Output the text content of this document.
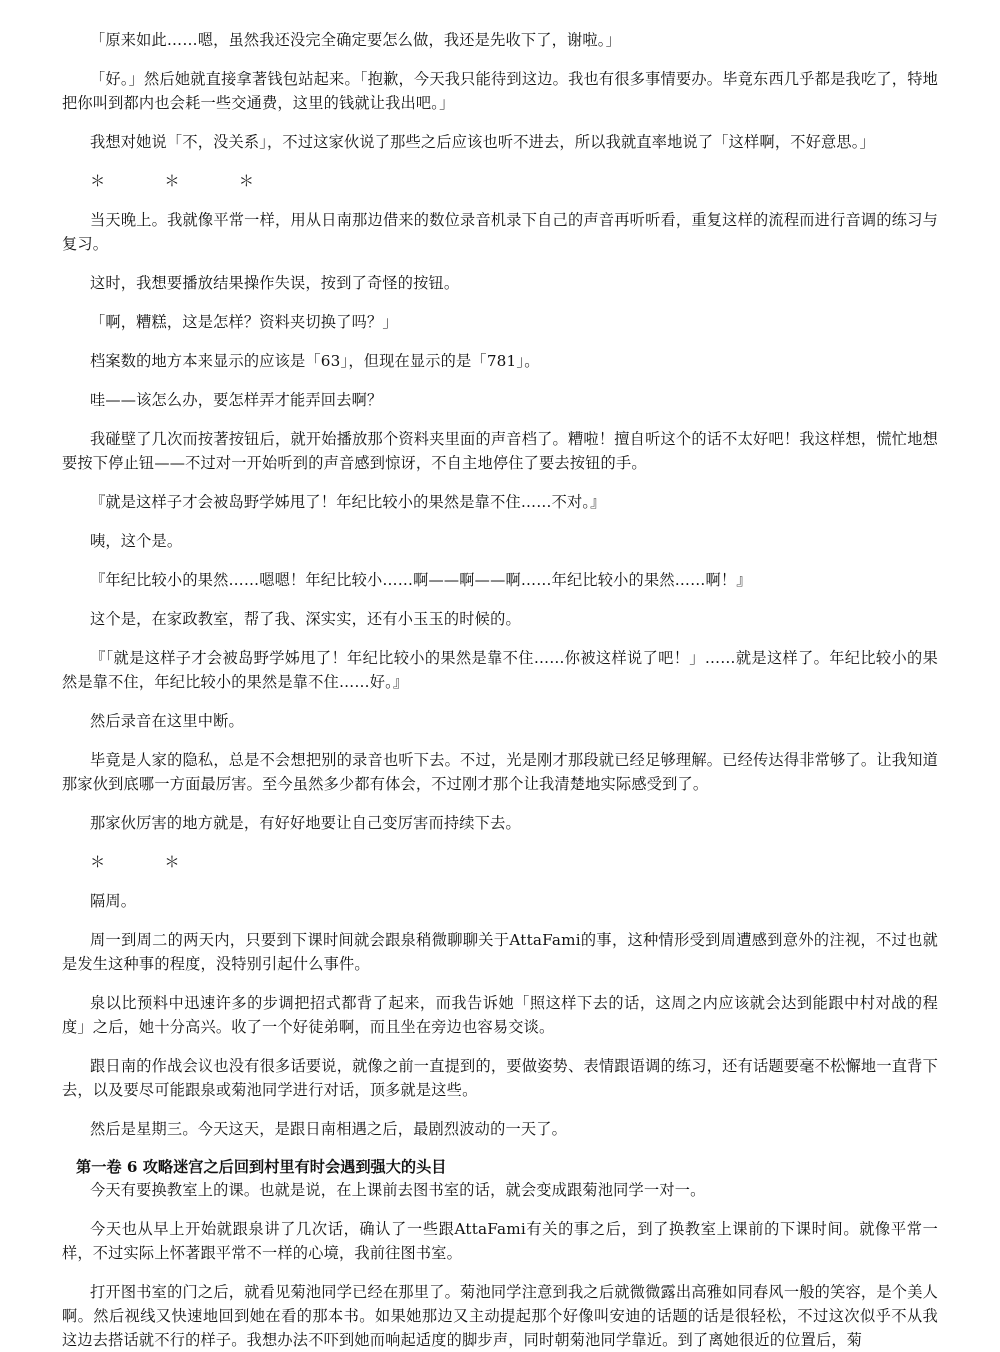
「原来如此……嗯，虽然我还没完全确定要怎么做，我还是先收下了，谢啦。」

「好。」然后她就直接拿著钱包站起来。「抱歉，今天我只能待到这边。我也有很多事情要办。毕竟东西几乎都是我吃了，特地把你叫到都内也会耗一些交通费，这里的钱就让我出吧。」

我想对她说「不，没关系」，不过这家伙说了那些之后应该也听不进去，所以我就直率地说了「这样啊，不好意思。」

＊　＊　＊

当天晚上。我就像平常一样，用从日南那边借来的数位录音机录下自己的声音再听听看，重复这样的流程而进行音调的练习与复习。

这时，我想要播放结果操作失误，按到了奇怪的按钮。

「啊，糟糕，这是怎样？资料夹切换了吗？」

档案数的地方本来显示的应该是「63」，但现在显示的是「781」。

哇——该怎么办，要怎样弄才能弄回去啊？

我碰壁了几次而按著按钮后，就开始播放那个资料夹里面的声音档了。糟啦！擅自听这个的话不太好吧！我这样想，慌忙地想要按下停止钮——不过对一开始听到的声音感到惊讶，不自主地停住了要去按钮的手。

『就是这样子才会被岛野学姊甩了！年纪比较小的果然是靠不住……不对。』

咦，这个是。

『年纪比较小的果然……嗯嗯！年纪比较小……啊——啊——啊……年纪比较小的果然……啊！』

这个是，在家政教室，帮了我、深实实，还有小玉玉的时候的。

『「就是这样子才会被岛野学姊甩了！年纪比较小的果然是靠不住……你被这样说了吧！」……就是这样了。年纪比较小的果然是靠不住，年纪比较小的果然是靠不住……好。』

然后录音在这里中断。

毕竟是人家的隐私，总是不会想把别的录音也听下去。不过，光是刚才那段就已经足够理解。已经传达得非常够了。让我知道那家伙到底哪一方面最厉害。至今虽然多少都有体会，不过刚才那个让我清楚地实际感受到了。

那家伙厉害的地方就是，有好好地要让自己变厉害而持续下去。

＊　＊

隔周。

周一到周二的两天内，只要到下课时间就会跟泉稍微聊聊关于AttaFami的事，这种情形受到周遭感到意外的注视，不过也就是发生这种事的程度，没特别引起什么事件。

泉以比预料中迅速许多的步调把招式都背了起来，而我告诉她「照这样下去的话，这周之内应该就会达到能跟中村对战的程度」之后，她十分高兴。收了一个好徒弟啊，而且坐在旁边也容易交谈。

跟日南的作战会议也没有很多话要说，就像之前一直提到的，要做姿势、表情跟语调的练习，还有话题要毫不松懈地一直背下去，以及要尽可能跟泉或菊池同学进行对话，顶多就是这些。

然后是星期三。今天这天，是跟日南相遇之后，最剧烈波动的一天了。

第一卷 6 攻略迷宫之后回到村里有时会遇到强大的头目

今天有要换教室上的课。也就是说，在上课前去图书室的话，就会变成跟菊池同学一对一。

今天也从早上开始就跟泉讲了几次话，确认了一些跟AttaFami有关的事之后，到了换教室上课前的下课时间。就像平常一样，不过实际上怀著跟平常不一样的心境，我前往图书室。

打开图书室的门之后，就看见菊池同学已经在那里了。菊池同学注意到我之后就微微露出高雅如同春风一般的笑容，是个美人啊。然后视线又快速地回到她在看的那本书。如果她那边又主动提起那个好像叫安迪的话题的话是很轻松，不过这次似乎不从我这边去搭话就不行的样子。我想办法不吓到她而响起适度的脚步声，同时朝菊池同学靠近。到了离她很近的位置后，菊
